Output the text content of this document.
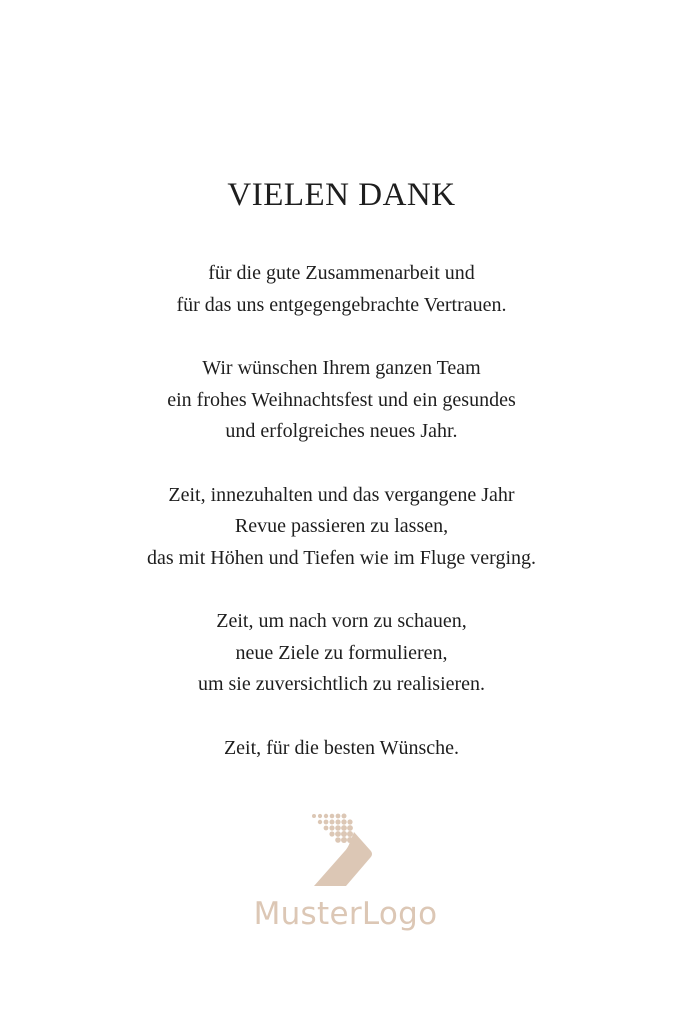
VIELEN DANK

für die gute Zusammenarbeit und
für das uns entgegengebrachte Vertrauen.

Wir wünschen Ihrem ganzen Team
ein frohes Weihnachtsfest und ein gesundes
und erfolgreiches neues Jahr.

Zeit, innezuhalten und das vergangene Jahr
Revue passieren zu lassen,
das mit Höhen und Tiefen wie im Fluge verging.

Zeit, um nach vorn zu schauen,
neue Ziele zu formulieren,
um sie zuversichtlich zu realisieren.

Zeit, für die besten Wünsche.

MusterLogo
